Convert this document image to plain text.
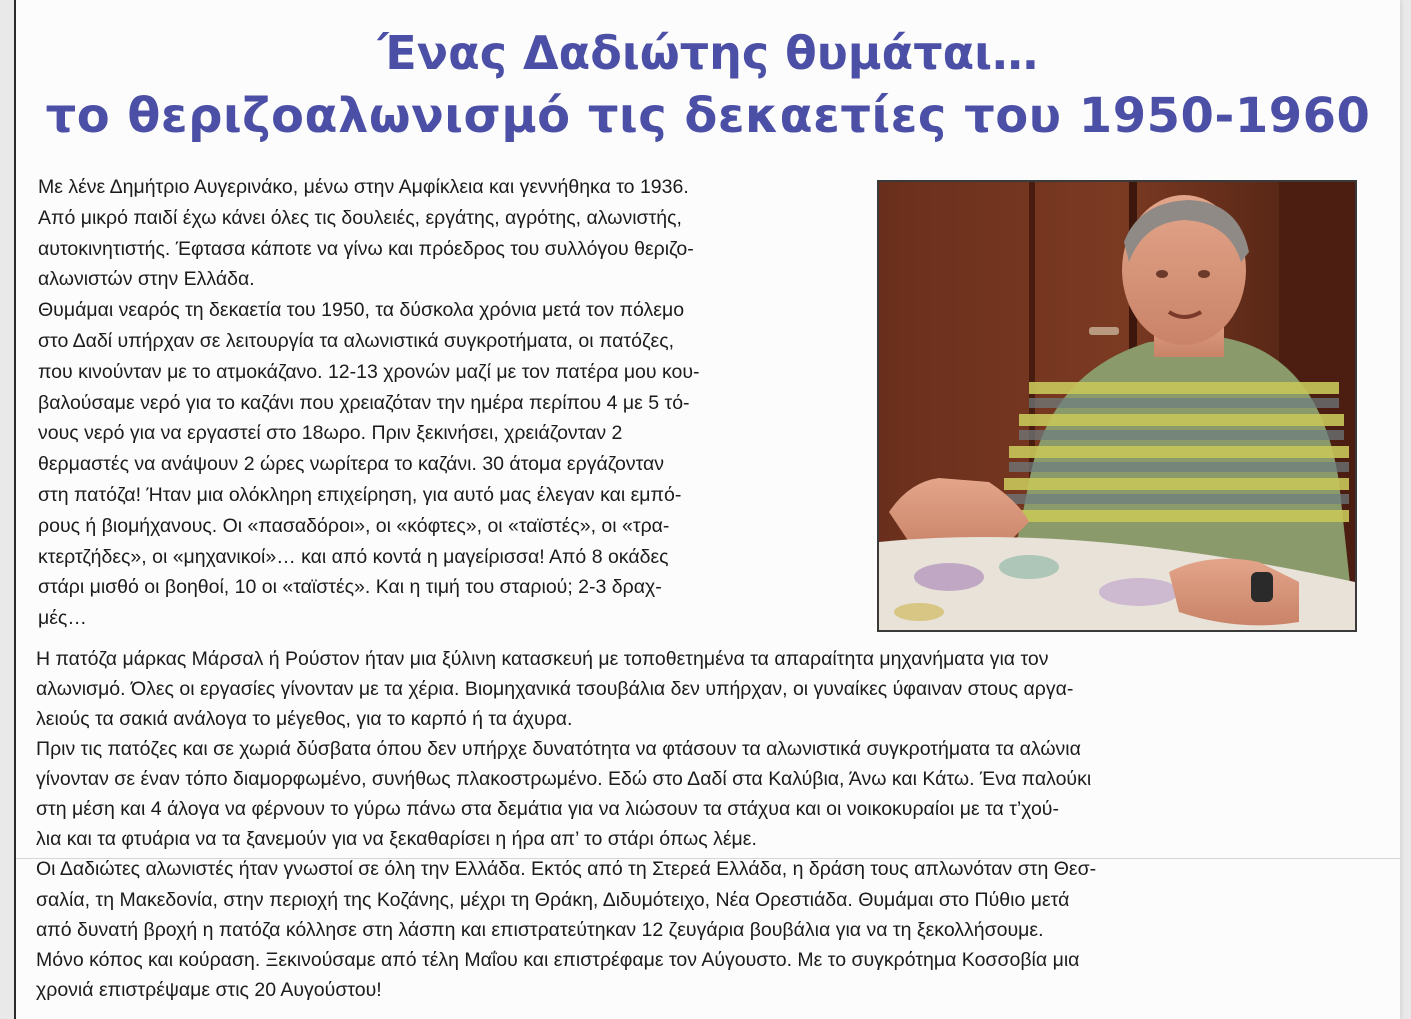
Ένας Δαδιώτης θυμάται…
το θεριζοαλωνισμό τις δεκαετίες του 1950-1960
Με λένε Δημήτριο Αυγερινάκο, μένω στην Αμφίκλεια και γεννήθηκα το 1936.
Από μικρό παιδί έχω κάνει όλες τις δουλειές, εργάτης, αγρότης, αλωνιστής,
αυτοκινητιστής. Έφτασα κάποτε να γίνω και πρόεδρος του συλλόγου θεριζο-
αλωνιστών στην Ελλάδα.
Θυμάμαι νεαρός τη δεκαετία του 1950, τα δύσκολα χρόνια μετά τον πόλεμο
στο Δαδί υπήρχαν σε λειτουργία τα αλωνιστικά συγκροτήματα, οι πατόζες,
που κινούνταν με το ατμοκάζανο. 12-13 χρονών μαζί με τον πατέρα μου κου-
βαλούσαμε νερό για το καζάνι που χρειαζόταν την ημέρα περίπου 4 με 5 τό-
νους νερό για να εργαστεί στο 18ωρο. Πριν ξεκινήσει, χρειάζονταν 2
θερμαστές να ανάψουν 2 ώρες νωρίτερα το καζάνι. 30 άτομα εργάζονταν
στη πατόζα! Ήταν μια ολόκληρη επιχείρηση, για αυτό μας έλεγαν και εμπό-
ρους ή βιομήχανους. Οι «πασαδόροι», οι «κόφτες», οι «ταϊστές», οι «τρα-
κτερτζήδες», οι «μηχανικοί»… και από κοντά η μαγείρισσα! Από 8 οκάδες
στάρι μισθό οι βοηθοί, 10 οι «ταϊστές». Και η τιμή του σταριού; 2-3 δραχ-
μές…
Η πατόζα μάρκας Μάρσαλ ή Ρούστον ήταν μια ξύλινη κατασκευή με τοποθετημένα τα απαραίτητα μηχανήματα για τον
αλωνισμό. Όλες οι εργασίες γίνονταν με τα χέρια. Βιομηχανικά τσουβάλια δεν υπήρχαν, οι γυναίκες ύφαιναν στους αργα-
λειούς τα σακιά ανάλογα το μέγεθος, για το καρπό ή τα άχυρα.
Πριν τις πατόζες και σε χωριά δύσβατα όπου δεν υπήρχε δυνατότητα να φτάσουν τα αλωνιστικά συγκροτήματα τα αλώνια
γίνονταν σε έναν τόπο διαμορφωμένο, συνήθως πλακοστρωμένο. Εδώ στο Δαδί στα Καλύβια, Άνω και Κάτω. Ένα παλούκι
στη μέση και 4 άλογα να φέρνουν το γύρω πάνω στα δεμάτια για να λιώσουν τα στάχυα και οι νοικοκυραίοι με τα τ’χού-
λια και τα φτυάρια να τα ξανεμούν για να ξεκαθαρίσει η ήρα απ’ το στάρι όπως λέμε.
Οι Δαδιώτες αλωνιστές ήταν γνωστοί σε όλη την Ελλάδα. Εκτός από τη Στερεά Ελλάδα, η δράση τους απλωνόταν στη Θεσ-
σαλία, τη Μακεδονία, στην περιοχή της Κοζάνης, μέχρι τη Θράκη, Διδυμότειχο, Νέα Ορεστιάδα. Θυμάμαι στο Πύθιο μετά
από δυνατή βροχή η πατόζα κόλλησε στη λάσπη και επιστρατεύτηκαν 12 ζευγάρια βουβάλια για να τη ξεκολλήσουμε.
Μόνο κόπος και κούραση. Ξεκινούσαμε από τέλη Μαΐου και επιστρέφαμε τον Αύγουστο. Με το συγκρότημα Κοσσοβία μια
χρονιά επιστρέψαμε στις 20 Αυγούστου!
